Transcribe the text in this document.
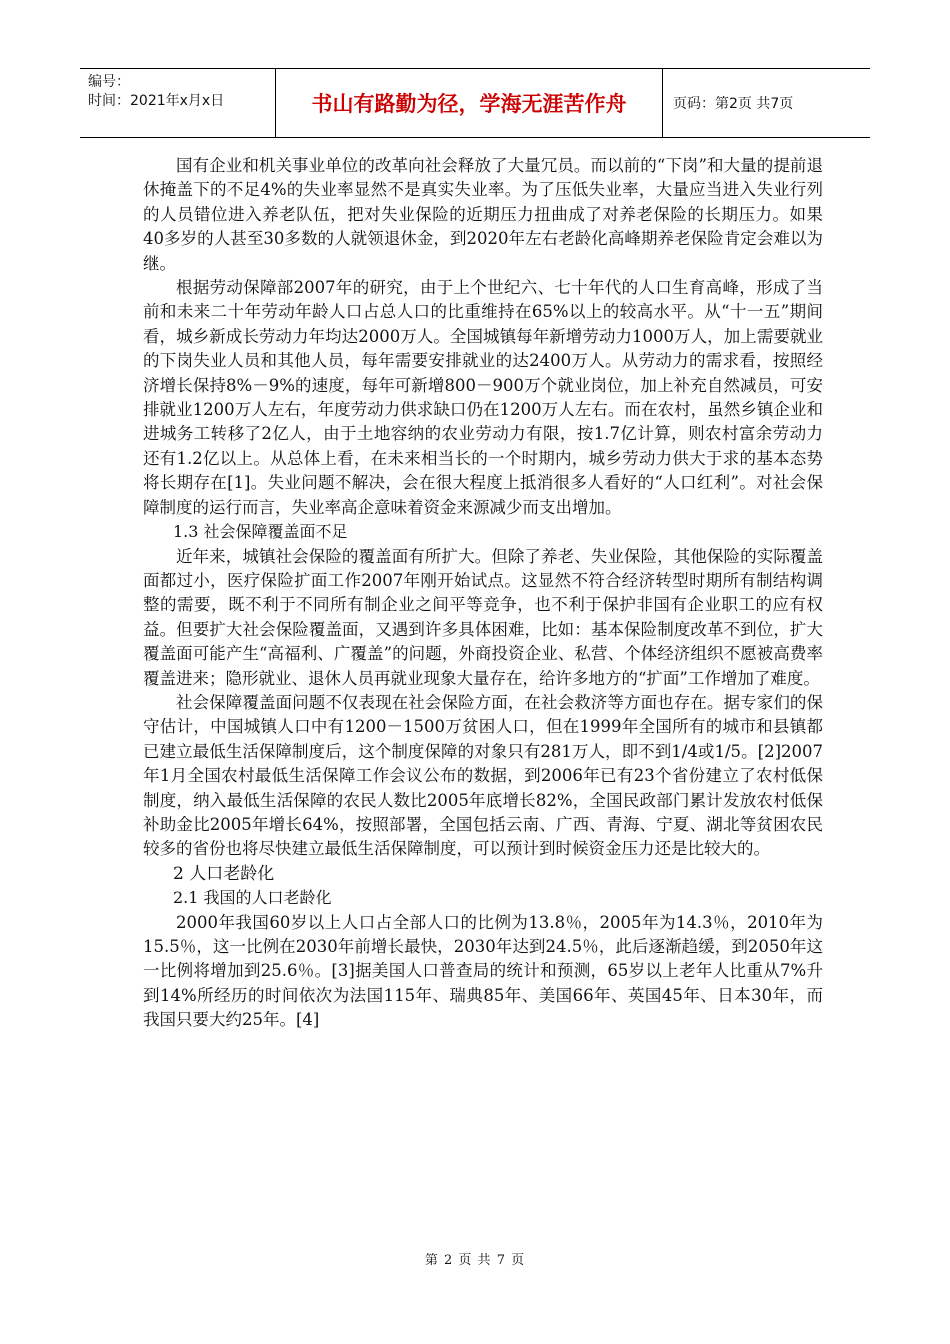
编号：
时间：2021年x月x日	书山有路勤为径，学海无涯苦作舟	页码：第2页 共7页

国有企业和机关事业单位的改革向社会释放了大量冗员。而以前的“下岗”和大量的提前退休掩盖下的不足4%的失业率显然不是真实失业率。为了压低失业率，大量应当进入失业行列的人员错位进入养老队伍，把对失业保险的近期压力扭曲成了对养老保险的长期压力。如果40多岁的人甚至30多数的人就领退休金，到2020年左右老龄化高峰期养老保险肯定会难以为继。

根据劳动保障部2007年的研究，由于上个世纪六、七十年代的人口生育高峰，形成了当前和未来二十年劳动年龄人口占总人口的比重维持在65%以上的较高水平。从“十一五”期间看，城乡新成长劳动力年均达2000万人。全国城镇每年新增劳动力1000万人，加上需要就业的下岗失业人员和其他人员，每年需要安排就业的达2400万人。从劳动力的需求看，按照经济增长保持8%－9%的速度，每年可新增800－900万个就业岗位，加上补充自然减员，可安排就业1200万人左右，年度劳动力供求缺口仍在1200万人左右。而在农村，虽然乡镇企业和进城务工转移了2亿人，由于土地容纳的农业劳动力有限，按1.7亿计算，则农村富余劳动力还有1.2亿以上。从总体上看，在未来相当长的一个时期内，城乡劳动力供大于求的基本态势将长期存在[1]。失业问题不解决，会在很大程度上抵消很多人看好的“人口红利”。对社会保障制度的运行而言，失业率高企意味着资金来源减少而支出增加。

1.3 社会保障覆盖面不足

近年来，城镇社会保险的覆盖面有所扩大。但除了养老、失业保险，其他保险的实际覆盖面都过小，医疗保险扩面工作2007年刚开始试点。这显然不符合经济转型时期所有制结构调整的需要，既不利于不同所有制企业之间平等竞争，也不利于保护非国有企业职工的应有权益。但要扩大社会保险覆盖面，又遇到许多具体困难，比如：基本保险制度改革不到位，扩大覆盖面可能产生“高福利、广覆盖”的问题，外商投资企业、私营、个体经济组织不愿被高费率覆盖进来；隐形就业、退休人员再就业现象大量存在，给许多地方的“扩面”工作增加了难度。

社会保障覆盖面问题不仅表现在社会保险方面，在社会救济等方面也存在。据专家们的保守估计，中国城镇人口中有1200－1500万贫困人口，但在1999年全国所有的城市和县镇都已建立最低生活保障制度后，这个制度保障的对象只有281万人，即不到1/4或1/5。[2]2007年1月全国农村最低生活保障工作会议公布的数据，到2006年已有23个省份建立了农村低保制度，纳入最低生活保障的农民人数比2005年底增长82%，全国民政部门累计发放农村低保补助金比2005年增长64%，按照部署，全国包括云南、广西、青海、宁夏、湖北等贫困农民较多的省份也将尽快建立最低生活保障制度，可以预计到时候资金压力还是比较大的。

2 人口老龄化
2.1 我国的人口老龄化

2000年我国60岁以上人口占全部人口的比例为13.8％，2005年为14.3％，2010年为15.5％，这一比例在2030年前增长最快，2030年达到24.5％，此后逐渐趋缓，到2050年这一比例将增加到25.6％。[3]据美国人口普查局的统计和预测，65岁以上老年人比重从7%升到14%所经历的时间依次为法国115年、瑞典85年、美国66年、英国45年、日本30年，而我国只要大约25年。[4]

第 2 页 共 7 页
